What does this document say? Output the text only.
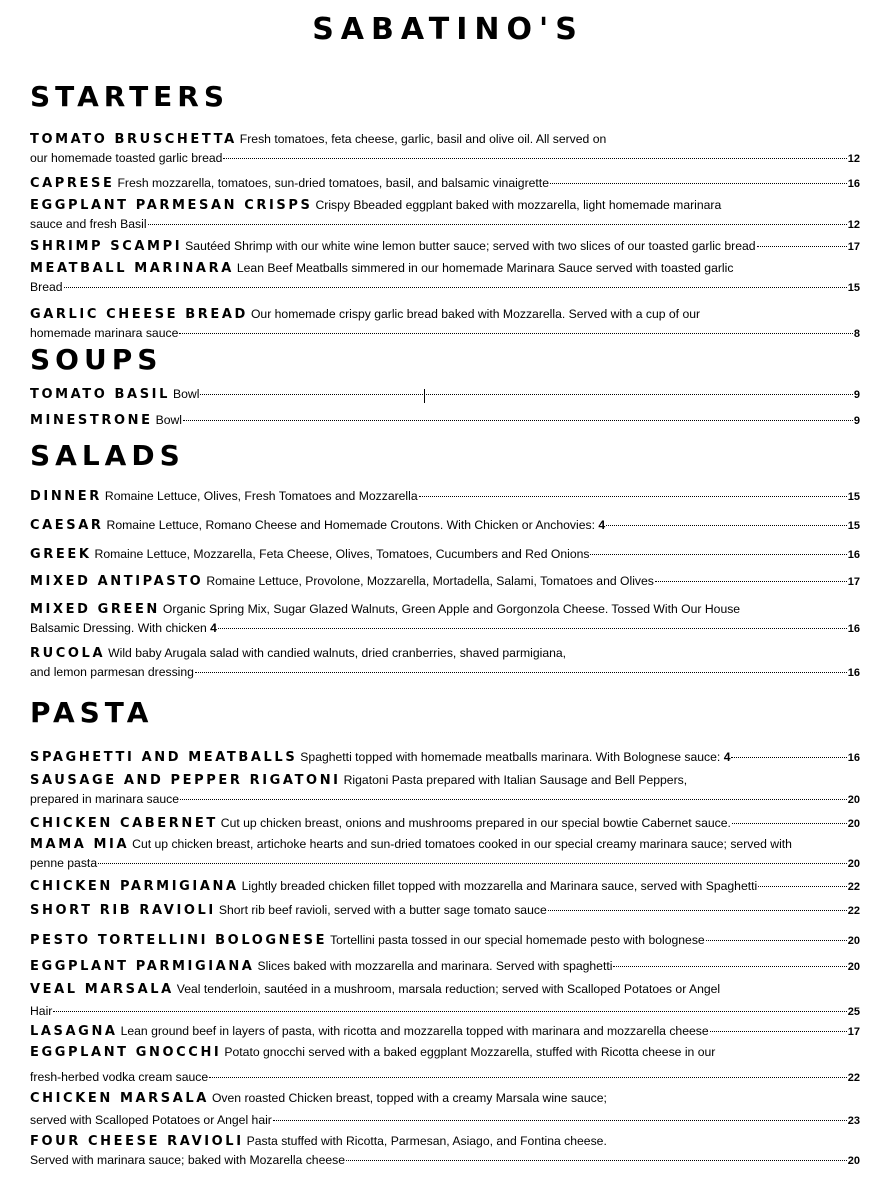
SABATINO'S
STARTERS
TOMATO BRUSCHETTA Fresh tomatoes, feta cheese, garlic, basil and olive oil. All served on
our homemade toasted garlic bread	12
CAPRESE Fresh mozzarella, tomatoes, sun-dried tomatoes, basil, and balsamic vinaigrette	16
EGGPLANT PARMESAN CRISPS Crispy Bbeaded eggplant baked with mozzarella, light homemade marinara
sauce and fresh Basil	12
SHRIMP SCAMPI Sautéed Shrimp with our white wine lemon butter sauce; served with two slices of our toasted garlic bread	17
MEATBALL MARINARA Lean Beef Meatballs simmered in our homemade Marinara Sauce served with toasted garlic
Bread	15
GARLIC CHEESE BREAD Our homemade crispy garlic bread baked with Mozzarella. Served with a cup of our
homemade marinara sauce	8
SOUPS
TOMATO BASIL Bowl	9
MINESTRONE Bowl	9
SALADS
DINNER Romaine Lettuce, Olives, Fresh Tomatoes and Mozzarella	15
CAESAR Romaine Lettuce, Romano Cheese and Homemade Croutons. With Chicken or Anchovies: 4	15
GREEK Romaine Lettuce, Mozzarella, Feta Cheese, Olives, Tomatoes, Cucumbers and Red Onions	16
MIXED ANTIPASTO Romaine Lettuce, Provolone, Mozzarella, Mortadella, Salami, Tomatoes and Olives	17
MIXED GREEN Organic Spring Mix, Sugar Glazed Walnuts, Green Apple and Gorgonzola Cheese. Tossed With Our House
Balsamic Dressing. With chicken 4	16
RUCOLA Wild baby Arugala salad with candied walnuts, dried cranberries, shaved parmigiana,
and lemon parmesan dressing	16
PASTA
SPAGHETTI AND MEATBALLS Spaghetti topped with homemade meatballs marinara. With Bolognese sauce: 4	16
SAUSAGE AND PEPPER RIGATONI Rigatoni Pasta prepared with Italian Sausage and Bell Peppers,
prepared in marinara sauce	20
CHICKEN CABERNET Cut up chicken breast, onions and mushrooms prepared in our special bowtie Cabernet sauce.	20
MAMA MIA Cut up chicken breast, artichoke hearts and sun-dried tomatoes cooked in our special creamy marinara sauce; served with
penne pasta	20
CHICKEN PARMIGIANA Lightly breaded chicken fillet topped with mozzarella and Marinara sauce, served with Spaghetti	22
SHORT RIB RAVIOLI Short rib beef ravioli, served with a butter sage tomato sauce	22
PESTO TORTELLINI BOLOGNESE Tortellini pasta tossed in our special homemade pesto with bolognese	20
EGGPLANT PARMIGIANA Slices baked with mozzarella and marinara. Served with spaghetti	20
VEAL MARSALA Veal tenderloin, sautéed in a mushroom, marsala reduction; served with Scalloped Potatoes or Angel
Hair	25
LASAGNA Lean ground beef in layers of pasta, with ricotta and mozzarella topped with marinara and mozzarella cheese	17
EGGPLANT GNOCCHI Potato gnocchi served with a baked eggplant Mozzarella, stuffed with Ricotta cheese in our
fresh-herbed vodka cream sauce	22
CHICKEN MARSALA Oven roasted Chicken breast, topped with a creamy Marsala wine sauce;
served with Scalloped Potatoes or Angel hair	23
FOUR CHEESE RAVIOLI Pasta stuffed with Ricotta, Parmesan, Asiago, and Fontina cheese.
Served with marinara sauce; baked with Mozarella cheese	20
